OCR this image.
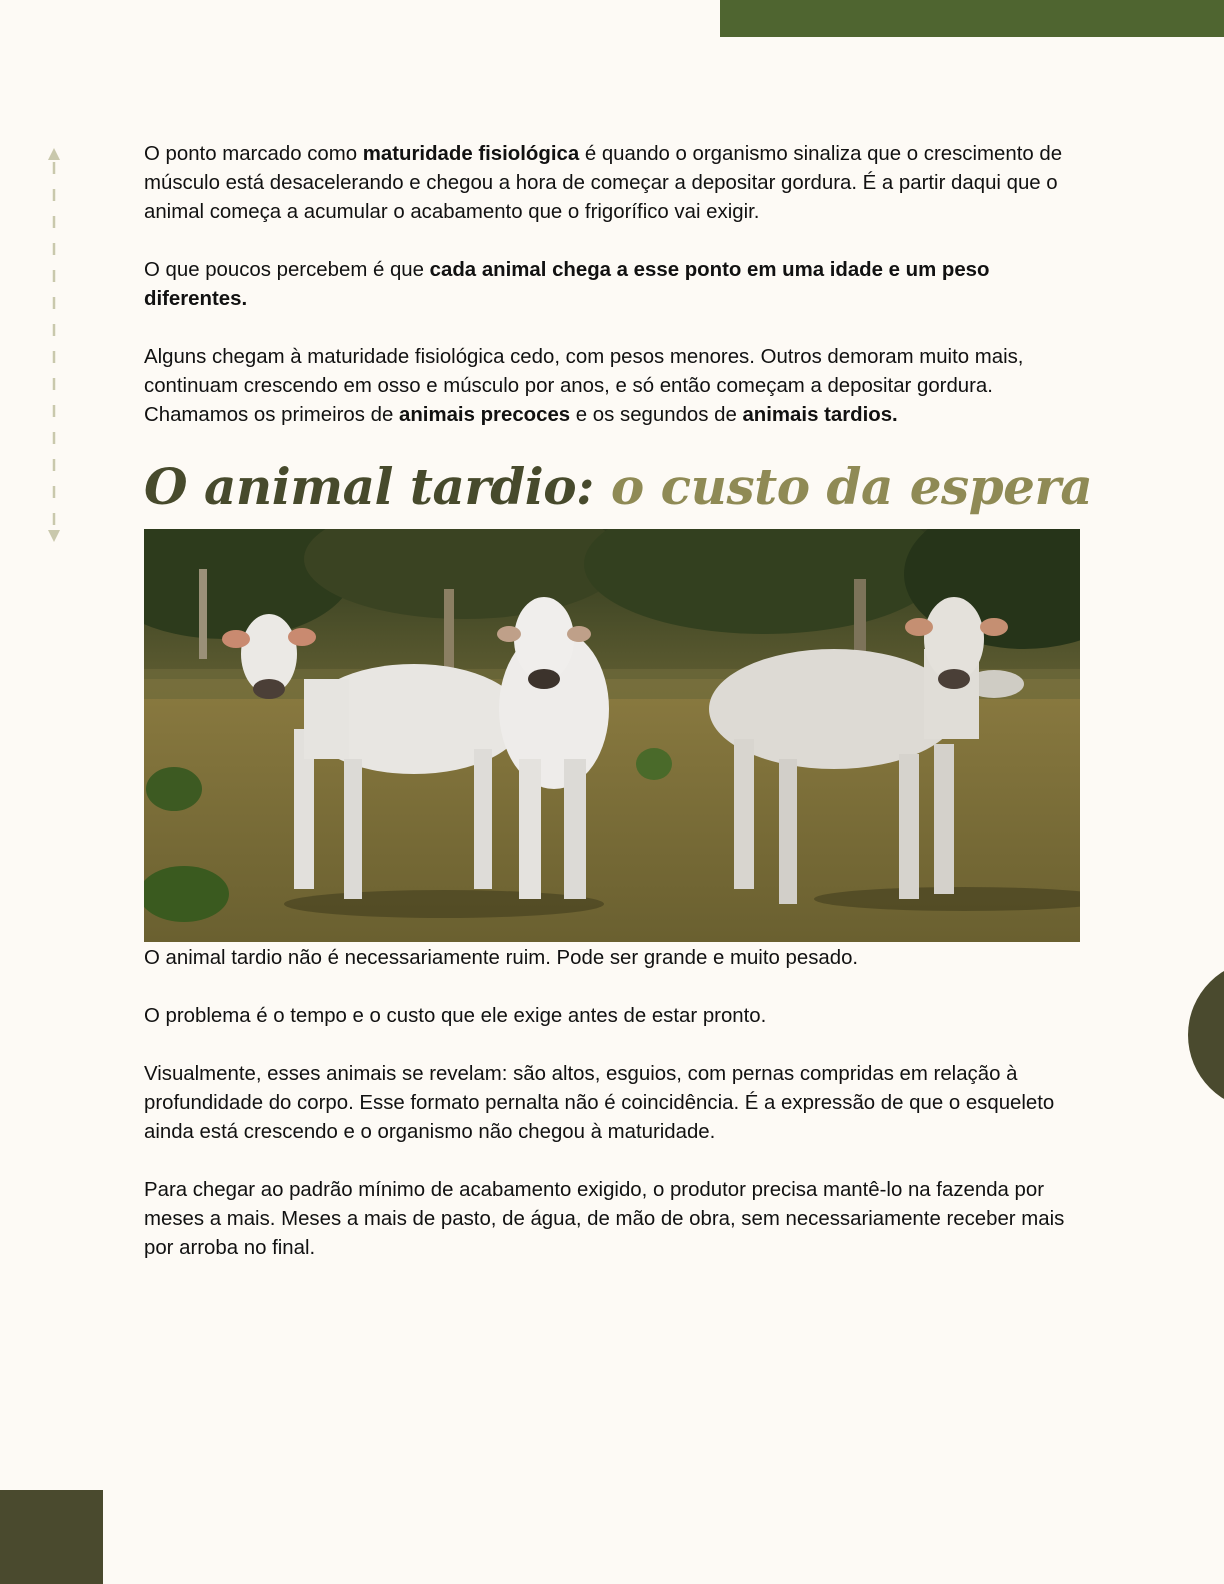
O ponto marcado como maturidade fisiológica é quando o organismo sinaliza que o crescimento de músculo está desacelerando e chegou a hora de começar a depositar gordura. É a partir daqui que o animal começa a acumular o acabamento que o frigorífico vai exigir.

O que poucos percebem é que cada animal chega a esse ponto em uma idade e um peso diferentes.

Alguns chegam à maturidade fisiológica cedo, com pesos menores. Outros demoram muito mais, continuam crescendo em osso e músculo por anos, e só então começam a depositar gordura. Chamamos os primeiros de animais precoces e os segundos de animais tardios.

O animal tardio: o custo da espera

O animal tardio não é necessariamente ruim. Pode ser grande e muito pesado.

O problema é o tempo e o custo que ele exige antes de estar pronto.

Visualmente, esses animais se revelam: são altos, esguios, com pernas compridas em relação à profundidade do corpo. Esse formato pernalta não é coincidência. É a expressão de que o esqueleto ainda está crescendo e o organismo não chegou à maturidade.

Para chegar ao padrão mínimo de acabamento exigido, o produtor precisa mantê-lo na fazenda por meses a mais. Meses a mais de pasto, de água, de mão de obra, sem necessariamente receber mais por arroba no final.
